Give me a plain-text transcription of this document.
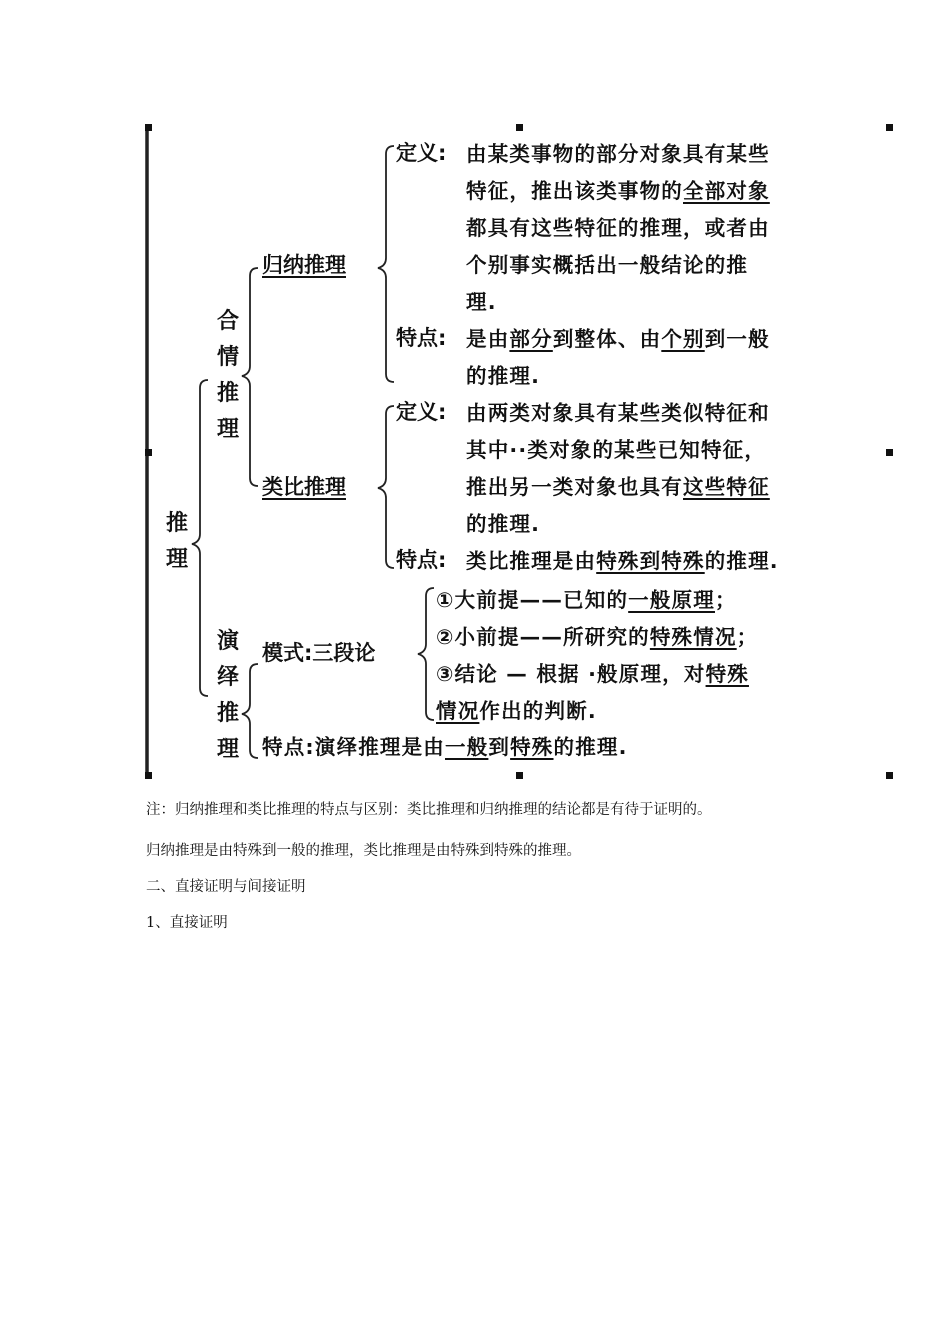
推
理
合
情
推
理
演
绎
推
理
归纳推理
类比推理
定义: 由某类事物的部分对象具有某些
特征，推出该类事物的全部对象
都具有这些特征的推理，或者由
个别事实概括出一般结论的推
理.
特点: 是由部分到整体、由个别到一般
的推理.
定义: 由两类对象具有某些类似特征和
其中··类对象的某些已知特征，
推出另一类对象也具有这些特征
的推理.
特点: 类比推理是由特殊到特殊的推理.
模式:三段论
①大前提——已知的一般原理；
②小前提——所研究的特殊情况；
③结论 — 根据 ·般原理，对特殊
情况作出的判断.
特点:演绎推理是由一般到特殊的推理.
注：归纳推理和类比推理的特点与区别：类比推理和归纳推理的结论都是有待于证明的。
归纳推理是由特殊到一般的推理，类比推理是由特殊到特殊的推理。
二、直接证明与间接证明
1、直接证明
